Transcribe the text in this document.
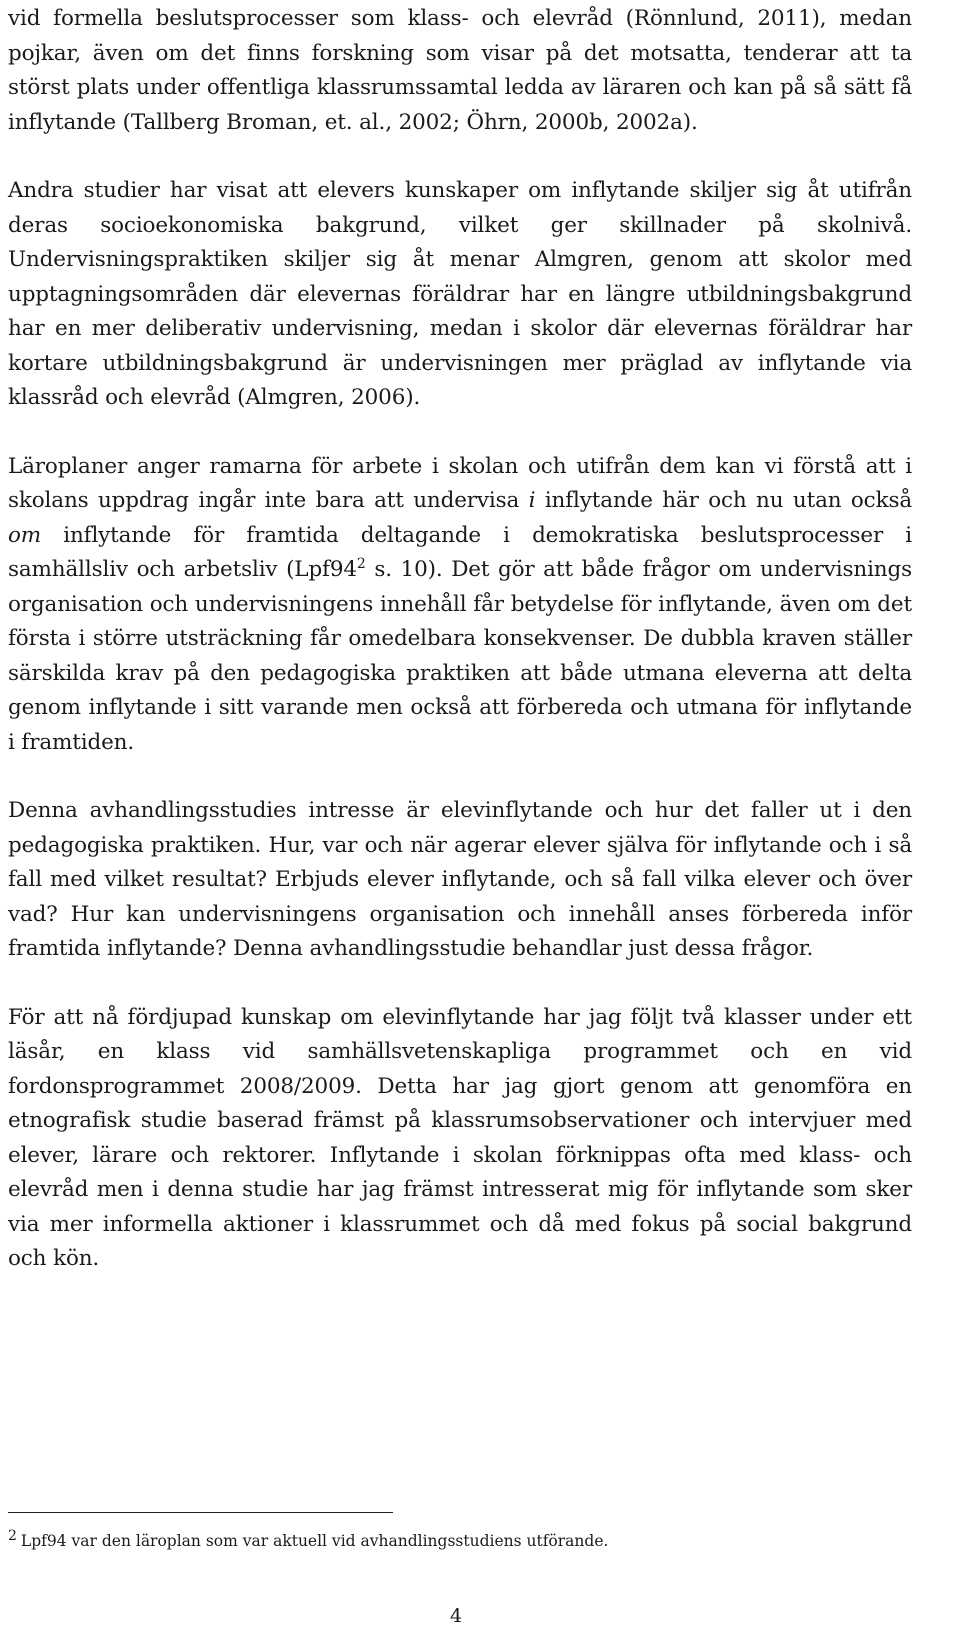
vid formella beslutsprocesser som klass- och elevråd (Rönnlund, 2011), medan pojkar, även om det finns forskning som visar på det motsatta, tenderar att ta störst plats under offentliga klassrumssamtal ledda av läraren och kan på så sätt få inflytande (Tallberg Broman, et. al., 2002; Öhrn, 2000b, 2002a).

Andra studier har visat att elevers kunskaper om inflytande skiljer sig åt utifrån deras socioekonomiska bakgrund, vilket ger skillnader på skolnivå. Undervisningspraktiken skiljer sig åt menar Almgren, genom att skolor med upptagningsområden där elevernas föräldrar har en längre utbildningsbakgrund har en mer deliberativ undervisning, medan i skolor där elevernas föräldrar har kortare utbildningsbakgrund är undervisningen mer präglad av inflytande via klassråd och elevråd (Almgren, 2006).

Läroplaner anger ramarna för arbete i skolan och utifrån dem kan vi förstå att i skolans uppdrag ingår inte bara att undervisa i inflytande här och nu utan också om inflytande för framtida deltagande i demokratiska beslutsprocesser i samhällsliv och arbetsliv ($Lpf94^2$ s. 10). Det gör att både frågor om undervisnings organisation och undervisningens innehåll får betydelse för inflytande, även om det första i större utsträckning får omedelbara konsekvenser. De dubbla kraven ställer särskilda krav på den pedagogiska praktiken att både utmana eleverna att delta genom inflytande i sitt varande men också att förbereda och utmana för inflytande i framtiden.

Denna avhandlingsstudies intresse är elevinflytande och hur det faller ut i den pedagogiska praktiken. Hur, var och när agerar elever själva för inflytande och i så fall med vilket resultat? Erbjuds elever inflytande, och så fall vilka elever och över vad? Hur kan undervisningens organisation och innehåll anses förbereda inför framtida inflytande? Denna avhandlingsstudie behandlar just dessa frågor.

För att nå fördjupad kunskap om elevinflytande har jag följt två klasser under ett läsår, en klass vid samhällsvetenskapliga programmet och en vid fordonsprogrammet 2008/2009. Detta har jag gjort genom att genomföra en etnografisk studie baserad främst på klassrumsobservationer och intervjuer med elever, lärare och rektorer. Inflytande i skolan förknippas ofta med klass- och elevråd men i denna studie har jag främst intresserat mig för inflytande som sker via mer informella aktioner i klassrummet och då med fokus på social bakgrund och kön.

2 Lpf94 var den läroplan som var aktuell vid avhandlingsstudiens utförande.
4
